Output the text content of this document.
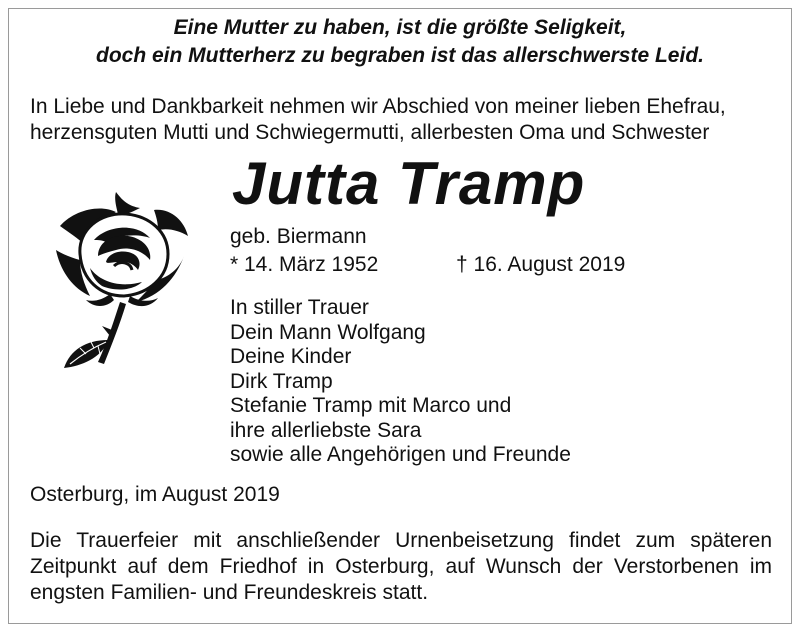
Eine Mutter zu haben, ist die größte Seligkeit,
doch ein Mutterherz zu begraben ist das allerschwerste Leid.
In Liebe und Dankbarkeit nehmen wir Abschied von meiner lieben Ehefrau,
herzensguten Mutti und Schwiegermutti, allerbesten Oma und Schwester
Jutta Tramp
geb. Biermann
* 14. März 1952	† 16. August 2019
In stiller Trauer
Dein Mann Wolfgang
Deine Kinder
Dirk Tramp
Stefanie Tramp mit Marco und
ihre allerliebste Sara
sowie alle Angehörigen und Freunde
Osterburg, im August 2019
Die Trauerfeier mit anschließender Urnenbeisetzung findet zum späteren
Zeitpunkt auf dem Friedhof in Osterburg, auf Wunsch der Verstorbenen im
engsten Familien- und Freundeskreis statt.
